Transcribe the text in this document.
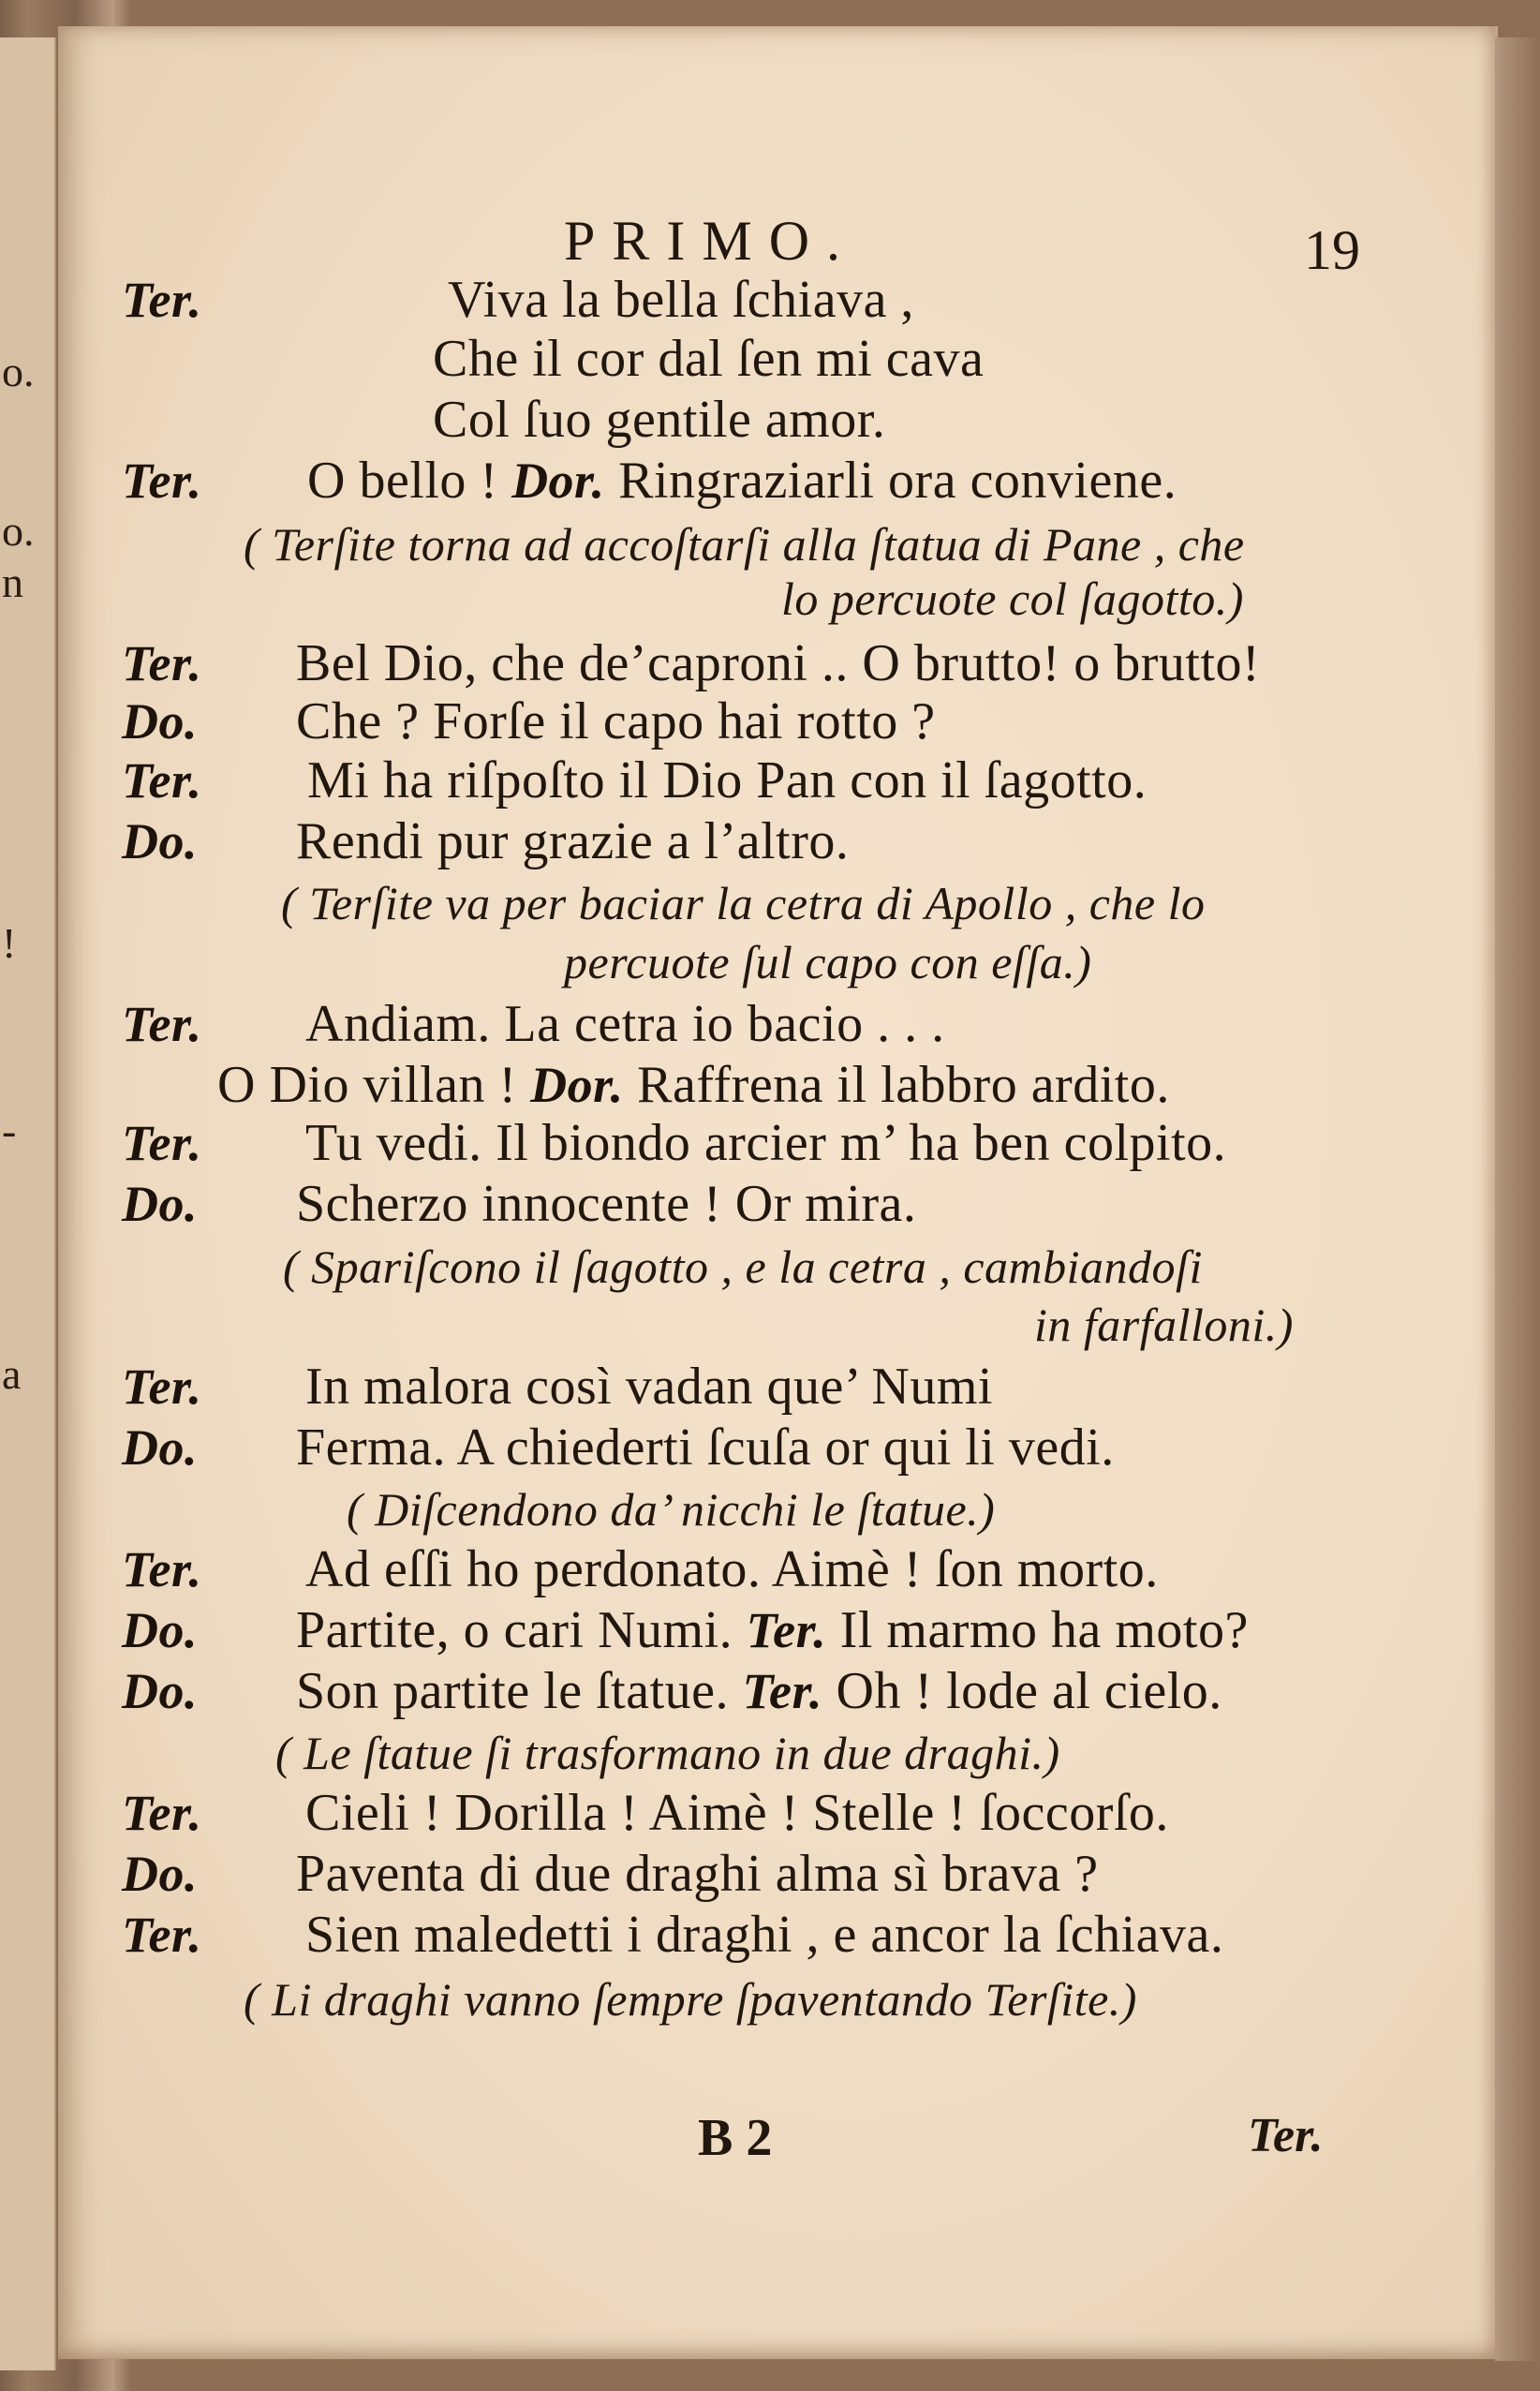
o.
o.
n
!
-
a
PRIMO.	19
Ter.	Viva la bella ſchiava ,
Che il cor dal ſen mi cava
Col ſuo gentile amor.
Ter. O bello ! Dor. Ringraziarli ora conviene.
( Terſite torna ad accoſtarſi alla ſtatua di Pane , che
lo percuote col ſagotto.)
Ter. Bel Dio, che de’caproni .. O brutto! o brutto!
Do. Che ? Forſe il capo hai rotto ?
Ter. Mi ha riſpoſto il Dio Pan con il ſagotto.
Do. Rendi pur grazie a l’altro.
( Terſite va per baciar la cetra di Apollo , che lo
percuote ſul capo con eſſa.)
Ter. Andiam. La cetra io bacio . . .
O Dio villan ! Dor. Raffrena il labbro ardito.
Ter. Tu vedi. Il biondo arcier m’ ha ben colpito.
Do. Scherzo innocente ! Or mira.
( Spariſcono il ſagotto , e la cetra , cambiandoſi
in farfalloni.)
Ter. In malora così vadan que’ Numi
Do. Ferma. A chiederti ſcuſa or qui li vedi.
( Diſcendono da’ nicchi le ſtatue.)
Ter. Ad eſſi ho perdonato. Aimè ! ſon morto.
Do. Partite, o cari Numi. Ter. Il marmo ha moto?
Do. Son partite le ſtatue. Ter. Oh ! lode al cielo.
( Le ſtatue ſi trasformano in due draghi.)
Ter. Cieli ! Dorilla ! Aimè ! Stelle ! ſoccorſo.
Do. Paventa di due draghi alma sì brava ?
Ter. Sien maledetti i draghi , e ancor la ſchiava.
( Li draghi vanno ſempre ſpaventando Terſite.)
B 2	Ter.
